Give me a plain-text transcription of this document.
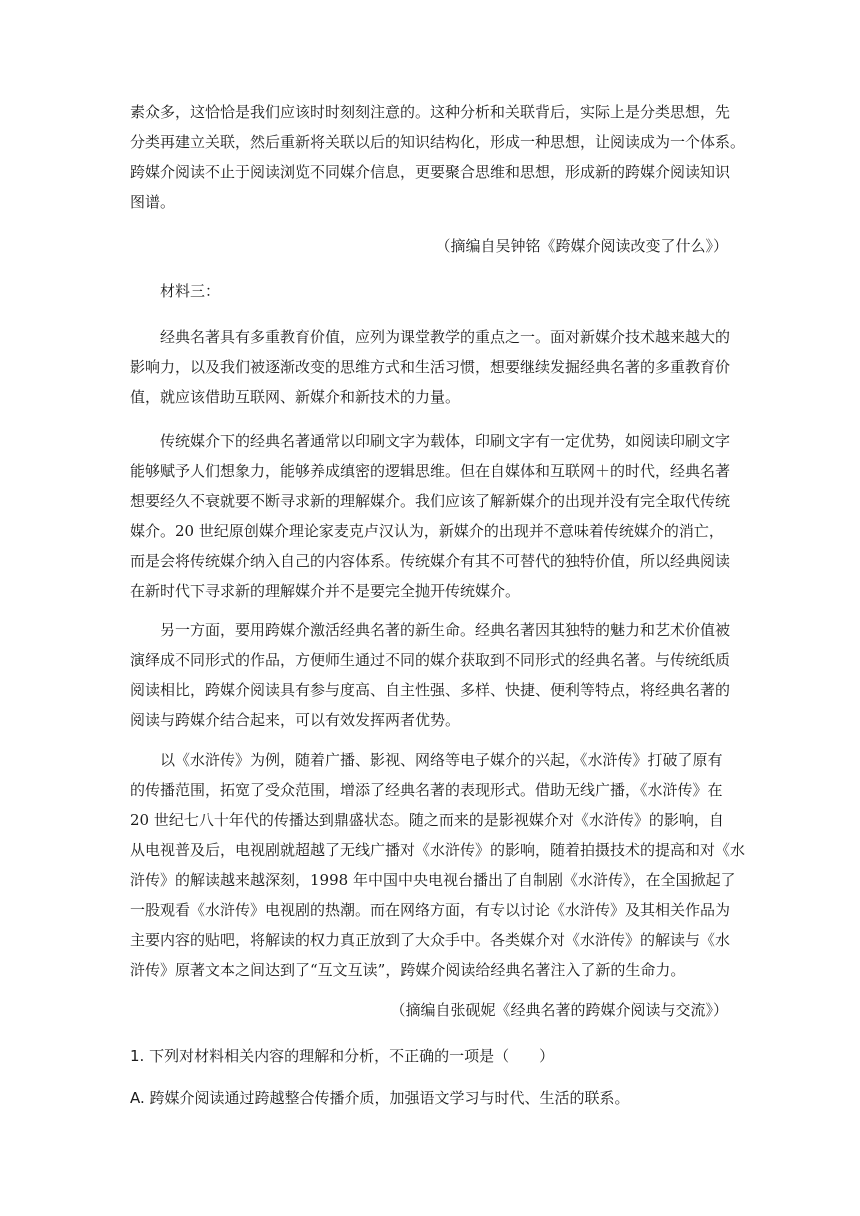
素众多，这恰恰是我们应该时时刻刻注意的。这种分析和关联背后，实际上是分类思想，先
分类再建立关联，然后重新将关联以后的知识结构化，形成一种思想，让阅读成为一个体系。
跨媒介阅读不止于阅读浏览不同媒介信息，更要聚合思维和思想，形成新的跨媒介阅读知识
图谱。
（摘编自吴钟铭《跨媒介阅读改变了什么》）
材料三：
　　经典名著具有多重教育价值，应列为课堂教学的重点之一。面对新媒介技术越来越大的
影响力，以及我们被逐渐改变的思维方式和生活习惯，想要继续发掘经典名著的多重教育价
值，就应该借助互联网、新媒介和新技术的力量。
　　传统媒介下的经典名著通常以印刷文字为载体，印刷文字有一定优势，如阅读印刷文字
能够赋予人们想象力，能够养成缜密的逻辑思维。但在自媒体和互联网＋的时代，经典名著
想要经久不衰就要不断寻求新的理解媒介。我们应该了解新媒介的出现并没有完全取代传统
媒介。20 世纪原创媒介理论家麦克卢汉认为，新媒介的出现并不意味着传统媒介的消亡，
而是会将传统媒介纳入自己的内容体系。传统媒介有其不可替代的独特价值，所以经典阅读
在新时代下寻求新的理解媒介并不是要完全抛开传统媒介。
　　另一方面，要用跨媒介激活经典名著的新生命。经典名著因其独特的魅力和艺术价值被
演绎成不同形式的作品，方便师生通过不同的媒介获取到不同形式的经典名著。与传统纸质
阅读相比，跨媒介阅读具有参与度高、自主性强、多样、快捷、便利等特点，将经典名著的
阅读与跨媒介结合起来，可以有效发挥两者优势。
　　以《水浒传》为例，随着广播、影视、网络等电子媒介的兴起，《水浒传》打破了原有
的传播范围，拓宽了受众范围，增添了经典名著的表现形式。借助无线广播，《水浒传》在
20 世纪七八十年代的传播达到鼎盛状态。随之而来的是影视媒介对《水浒传》的影响，自
从电视普及后，电视剧就超越了无线广播对《水浒传》的影响，随着拍摄技术的提高和对《水
浒传》的解读越来越深刻，1998 年中国中央电视台播出了自制剧《水浒传》，在全国掀起了
一股观看《水浒传》电视剧的热潮。而在网络方面，有专以讨论《水浒传》及其相关作品为
主要内容的贴吧，将解读的权力真正放到了大众手中。各类媒介对《水浒传》的解读与《水
浒传》原著文本之间达到了“互文互读”，跨媒介阅读给经典名著注入了新的生命力。
（摘编自张砚妮《经典名著的跨媒介阅读与交流》）
1. 下列对材料相关内容的理解和分析，不正确的一项是（　　）
A. 跨媒介阅读通过跨越整合传播介质，加强语文学习与时代、生活的联系。
